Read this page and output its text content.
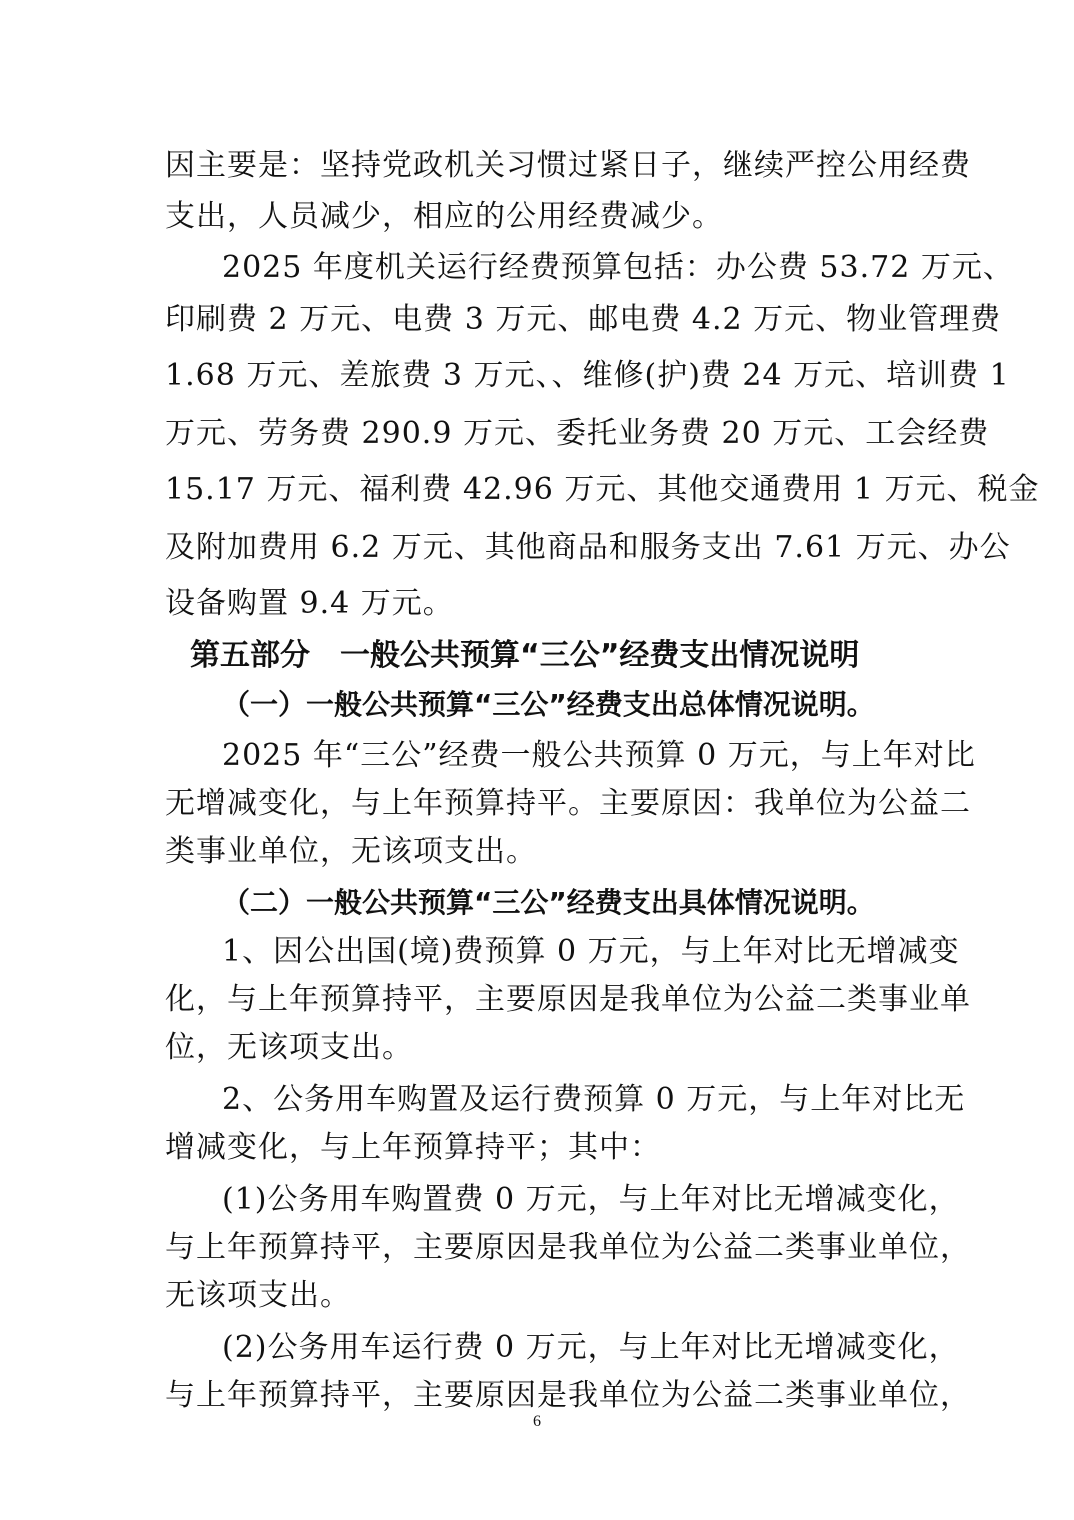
因主要是：坚持党政机关习惯过紧日子，继续严控公用经费
支出，人员减少，相应的公用经费减少。
2025 年度机关运行经费预算包括：办公费 53.72 万元、
印刷费 2 万元、电费 3 万元、邮电费 4.2 万元、物业管理费
1.68 万元、差旅费 3 万元、、维修(护)费 24 万元、培训费 1
万元、劳务费 290.9 万元、委托业务费 20 万元、工会经费
15.17 万元、福利费 42.96 万元、其他交通费用 1 万元、税金
及附加费用 6.2 万元、其他商品和服务支出 7.61 万元、办公
设备购置 9.4 万元。
第五部分　一般公共预算“三公”经费支出情况说明
（一）一般公共预算“三公”经费支出总体情况说明。
2025 年“三公”经费一般公共预算 0 万元，与上年对比
无增减变化，与上年预算持平。主要原因：我单位为公益二
类事业单位，无该项支出。
（二）一般公共预算“三公”经费支出具体情况说明。
1、因公出国(境)费预算 0 万元，与上年对比无增减变
化，与上年预算持平，主要原因是我单位为公益二类事业单
位，无该项支出。
2、公务用车购置及运行费预算 0 万元，与上年对比无
增减变化，与上年预算持平；其中：
(1)公务用车购置费 0 万元，与上年对比无增减变化，
与上年预算持平，主要原因是我单位为公益二类事业单位，
无该项支出。
(2)公务用车运行费 0 万元，与上年对比无增减变化，
与上年预算持平，主要原因是我单位为公益二类事业单位，
6
